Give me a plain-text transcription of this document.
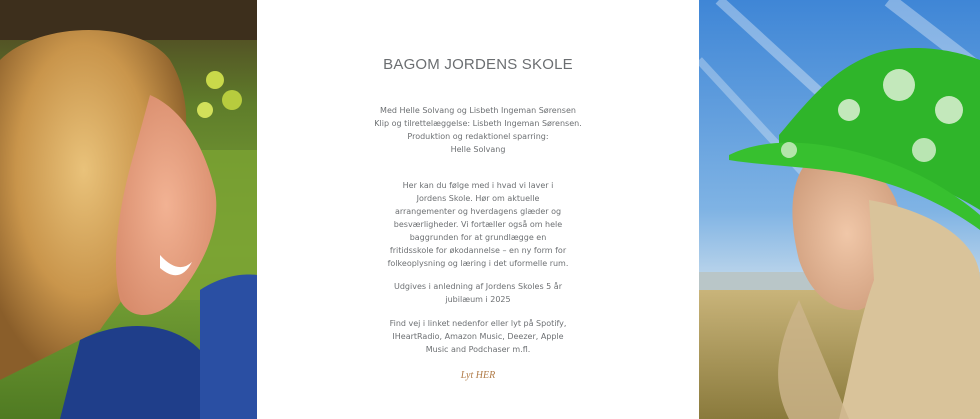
BAGOM JORDENS SKOLE

Med Helle Solvang og Lisbeth Ingeman Sørensen

Klip og tilrettelæggelse: Lisbeth Ingeman Sørensen.

Produktion og redaktionel sparring:

Helle Solvang

Her kan du følge med i hvad vi laver i

Jordens Skole. Hør om aktuelle

arrangementer og hverdagens glæder og

besværligheder. Vi fortæller også om hele

baggrunden for at grundlægge en

fritidsskole for økodannelse – en ny form for

folkeoplysning og læring i det uformelle rum.

Udgives i anledning af Jordens Skoles 5 år

jubilæum i 2025

Find vej i linket nedenfor eller lyt på Spotify,

IHeartRadio, Amazon Music, Deezer, Apple

Music and Podchaser m.fl.

Lyt HER
